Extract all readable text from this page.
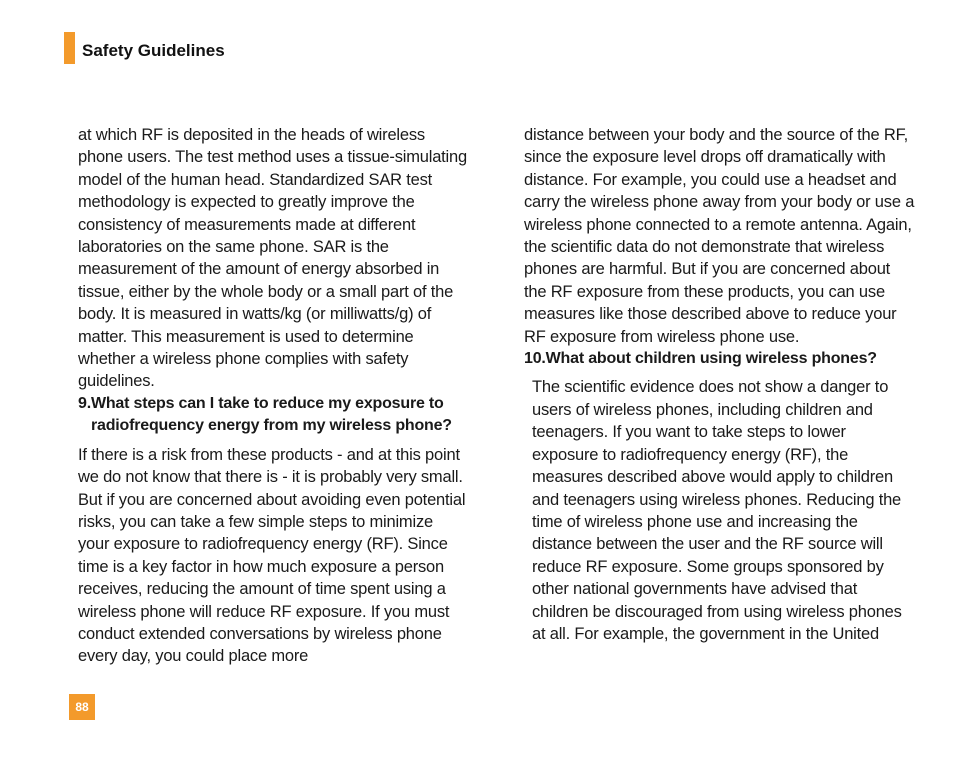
Safety Guidelines

at which RF is deposited in the heads of wireless phone users. The test method uses a tissue-simulating model of the human head. Standardized SAR test methodology is expected to greatly improve the consistency of measurements made at different laboratories on the same phone. SAR is the measurement of the amount of energy absorbed in tissue, either by the whole body or a small part of the body. It is measured in watts/kg (or milliwatts/g) of matter. This measurement is used to determine whether a wireless phone complies with safety guidelines.

9.What steps can I take to reduce my exposure to radiofrequency energy from my wireless phone?

If there is a risk from these products - and at this point we do not know that there is - it is probably very small. But if you are concerned about avoiding even potential risks, you can take a few simple steps to minimize your exposure to radiofrequency energy (RF). Since time is a key factor in how much exposure a person receives, reducing the amount of time spent using a wireless phone will reduce RF exposure. If you must conduct extended conversations by wireless phone every day, you could place more

distance between your body and the source of the RF, since the exposure level drops off dramatically with distance. For example, you could use a headset and carry the wireless phone away from your body or use a wireless phone connected to a remote antenna. Again, the scientific data do not demonstrate that wireless phones are harmful. But if you are concerned about the RF exposure from these products, you can use measures like those described above to reduce your RF exposure from wireless phone use.

10.What about children using wireless phones?

The scientific evidence does not show a danger to users of wireless phones, including children and teenagers. If you want to take steps to lower exposure to radiofrequency energy (RF), the measures described above would apply to children and teenagers using wireless phones. Reducing the time of wireless phone use and increasing the distance between the user and the RF source will reduce RF exposure. Some groups sponsored by other national governments have advised that children be discouraged from using wireless phones at all. For example, the government in the United

88
